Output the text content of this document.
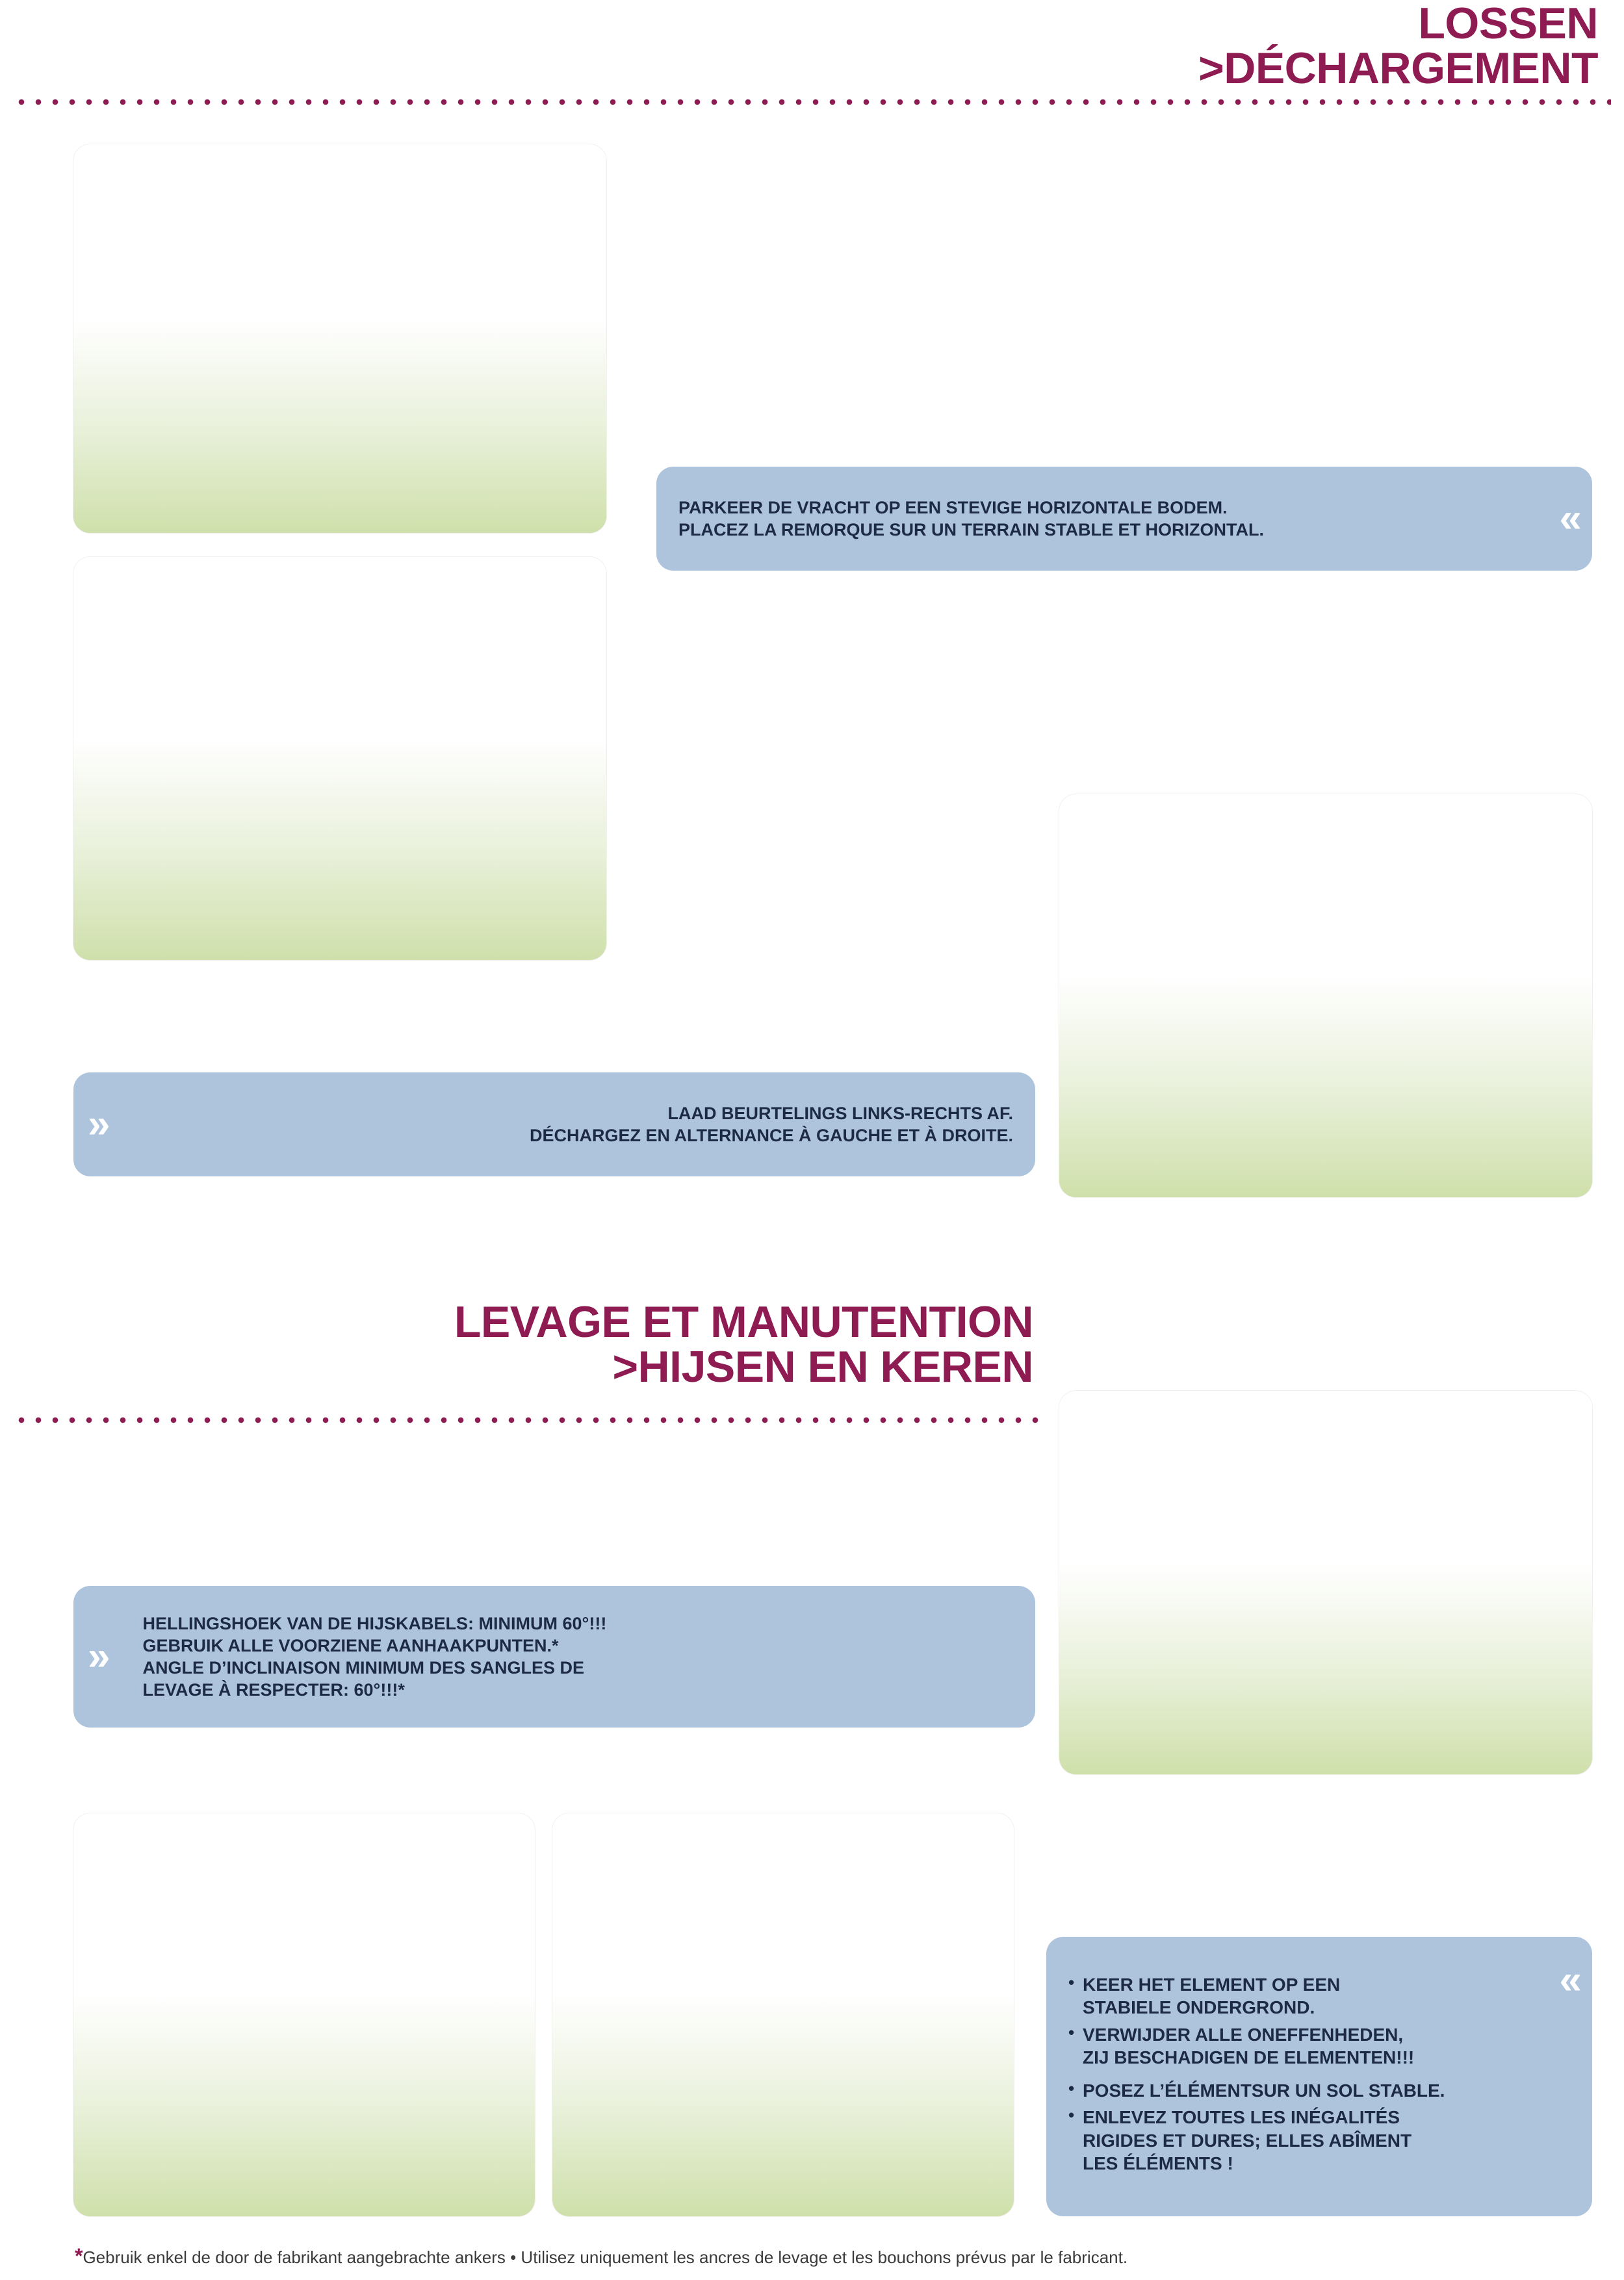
LOSSEN
>DÉCHARGEMENT
PARKEER DE VRACHT OP EEN STEVIGE HORIZONTALE BODEM.
PLACEZ LA REMORQUE SUR UN TERRAIN STABLE ET HORIZONTAL.	«
»	LAAD BEURTELINGS LINKS-RECHTS AF.
DÉCHARGEZ EN ALTERNANCE À GAUCHE ET À DROITE.
LEVAGE ET MANUTENTION
>HIJSEN EN KEREN
»
HELLINGSHOEK VAN DE HIJSKABELS: MINIMUM 60°!!!
GEBRUIK ALLE VOORZIENE AANHAAKPUNTEN.*
ANGLE D’INCLINAISON MINIMUM DES SANGLES DE
LEVAGE À RESPECTER: 60°!!!*
• KEER HET ELEMENT OP EEN
STABIELE ONDERGROND.
• VERWIJDER ALLE ONEFFENHEDEN,
ZIJ BESCHADIGEN DE ELEMENTEN!!!
• POSEZ L’ÉLÉMENTSUR UN SOL STABLE.
• ENLEVEZ TOUTES LES INÉGALITÉS
RIGIDES ET DURES; ELLES ABÎMENT
LES ÉLÉMENTS !
«
*Gebruik enkel de door de fabrikant aangebrachte ankers • Utilisez uniquement les ancres de levage et les bouchons prévus par le fabricant.
